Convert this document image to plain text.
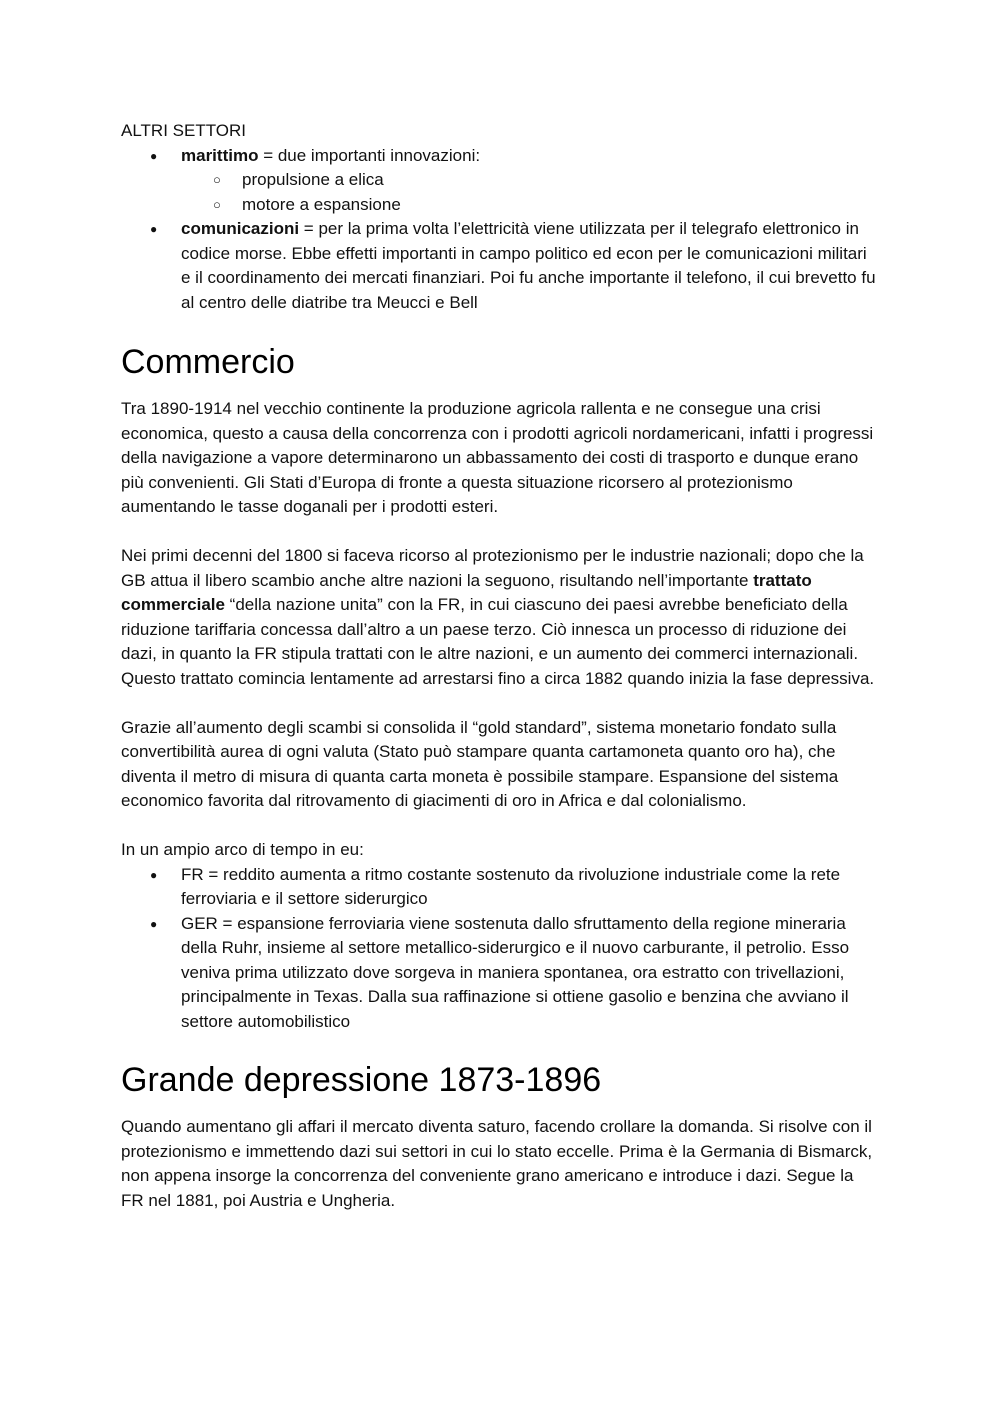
ALTRI SETTORI

● marittimo = due importanti innovazioni:
○ propulsione a elica
○ motore a espansione
● comunicazioni = per la prima volta l’elettricità viene utilizzata per il telegrafo elettronico in codice morse. Ebbe effetti importanti in campo politico ed econ per le comunicazioni militari e il coordinamento dei mercati finanziari. Poi fu anche importante il telefono, il cui brevetto fu al centro delle diatribe tra Meucci e Bell
Commercio

Tra 1890-1914 nel vecchio continente la produzione agricola rallenta e ne consegue una crisi economica, questo a causa della concorrenza con i prodotti agricoli nordamericani, infatti i progressi della navigazione a vapore determinarono un abbassamento dei costi di trasporto e dunque erano più convenienti. Gli Stati d’Europa di fronte a questa situazione ricorsero al protezionismo aumentando le tasse doganali per i prodotti esteri.

Nei primi decenni del 1800 si faceva ricorso al protezionismo per le industrie nazionali; dopo che la GB attua il libero scambio anche altre nazioni la seguono, risultando nell’importante trattato commerciale “della nazione unita” con la FR, in cui ciascuno dei paesi avrebbe beneficiato della riduzione tariffaria concessa dall’altro a un paese terzo. Ciò innesca un processo di riduzione dei dazi, in quanto la FR stipula trattati con le altre nazioni, e un aumento dei commerci internazionali. Questo trattato comincia lentamente ad arrestarsi fino a circa 1882 quando inizia la fase depressiva.

Grazie all’aumento degli scambi si consolida il “gold standard”, sistema monetario fondato sulla convertibilità aurea di ogni valuta (Stato può stampare quanta cartamoneta quanto oro ha), che diventa il metro di misura di quanta carta moneta è possibile stampare. Espansione del sistema economico favorita dal ritrovamento di giacimenti di oro in Africa e dal colonialismo.

In un ampio arco di tempo in eu:

● FR = reddito aumenta a ritmo costante sostenuto da rivoluzione industriale come la rete ferroviaria e il settore siderurgico
● GER = espansione ferroviaria viene sostenuta dallo sfruttamento della regione mineraria della Ruhr, insieme al settore metallico-siderurgico e il nuovo carburante, il petrolio. Esso veniva prima utilizzato dove sorgeva in maniera spontanea, ora estratto con trivellazioni, principalmente in Texas. Dalla sua raffinazione si ottiene gasolio e benzina che avviano il settore automobilistico
Grande depressione 1873-1896

Quando aumentano gli affari il mercato diventa saturo, facendo crollare la domanda. Si risolve con il protezionismo e immettendo dazi sui settori in cui lo stato eccelle. Prima è la Germania di Bismarck, non appena insorge la concorrenza del conveniente grano americano e introduce i dazi. Segue la FR nel 1881, poi Austria e Ungheria.
